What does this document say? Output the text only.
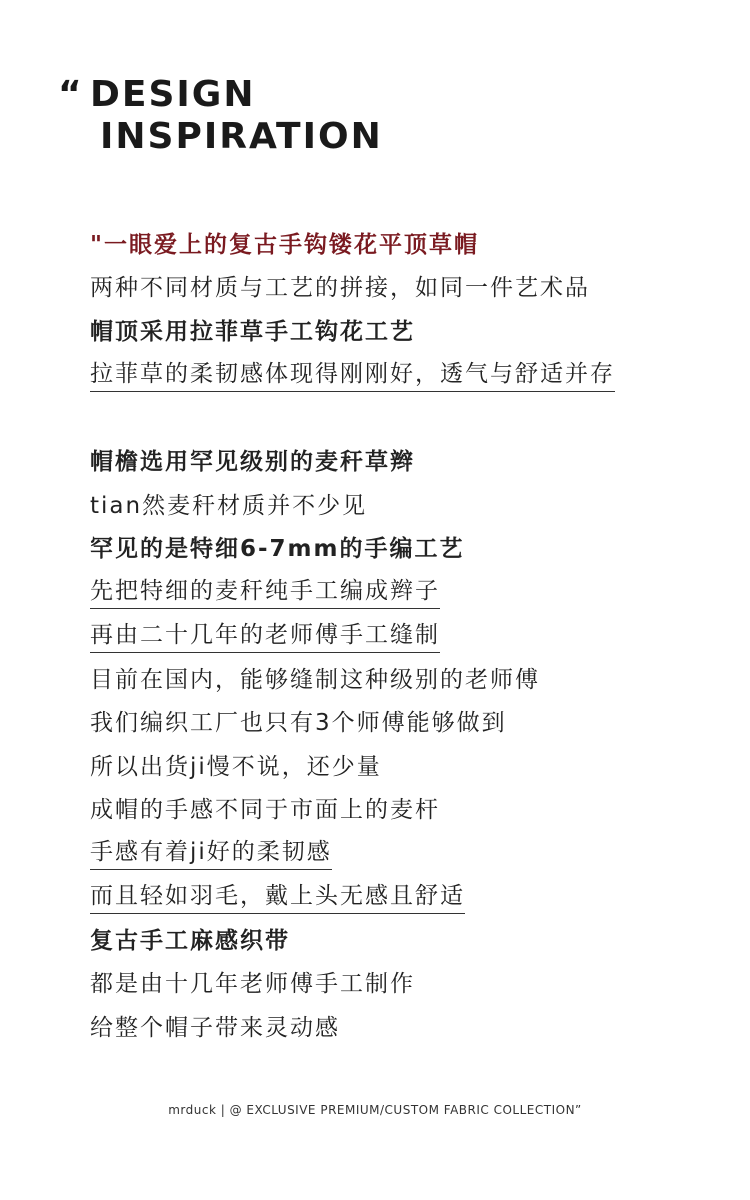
“ DESIGN
INSPIRATION
"一眼爱上的复古手钩镂花平顶草帽
两种不同材质与工艺的拼接，如同一件艺术品
帽顶采用拉菲草手工钩花工艺
拉菲草的柔韧感体现得刚刚好，透气与舒适并存
帽檐选用罕见级别的麦秆草辫
tian然麦秆材质并不少见
罕见的是特细6-7mm的手编工艺
先把特细的麦秆纯手工编成辫子
再由二十几年的老师傅手工缝制
目前在国内，能够缝制这种级别的老师傅
我们编织工厂也只有3个师傅能够做到
所以出货ji慢不说，还少量
成帽的手感不同于市面上的麦杆
手感有着ji好的柔韧感
而且轻如羽毛，戴上头无感且舒适
复古手工麻感织带
都是由十几年老师傅手工制作
给整个帽子带来灵动感
mrduck | @ EXCLUSIVE PREMIUM/CUSTOM FABRIC COLLECTION”
